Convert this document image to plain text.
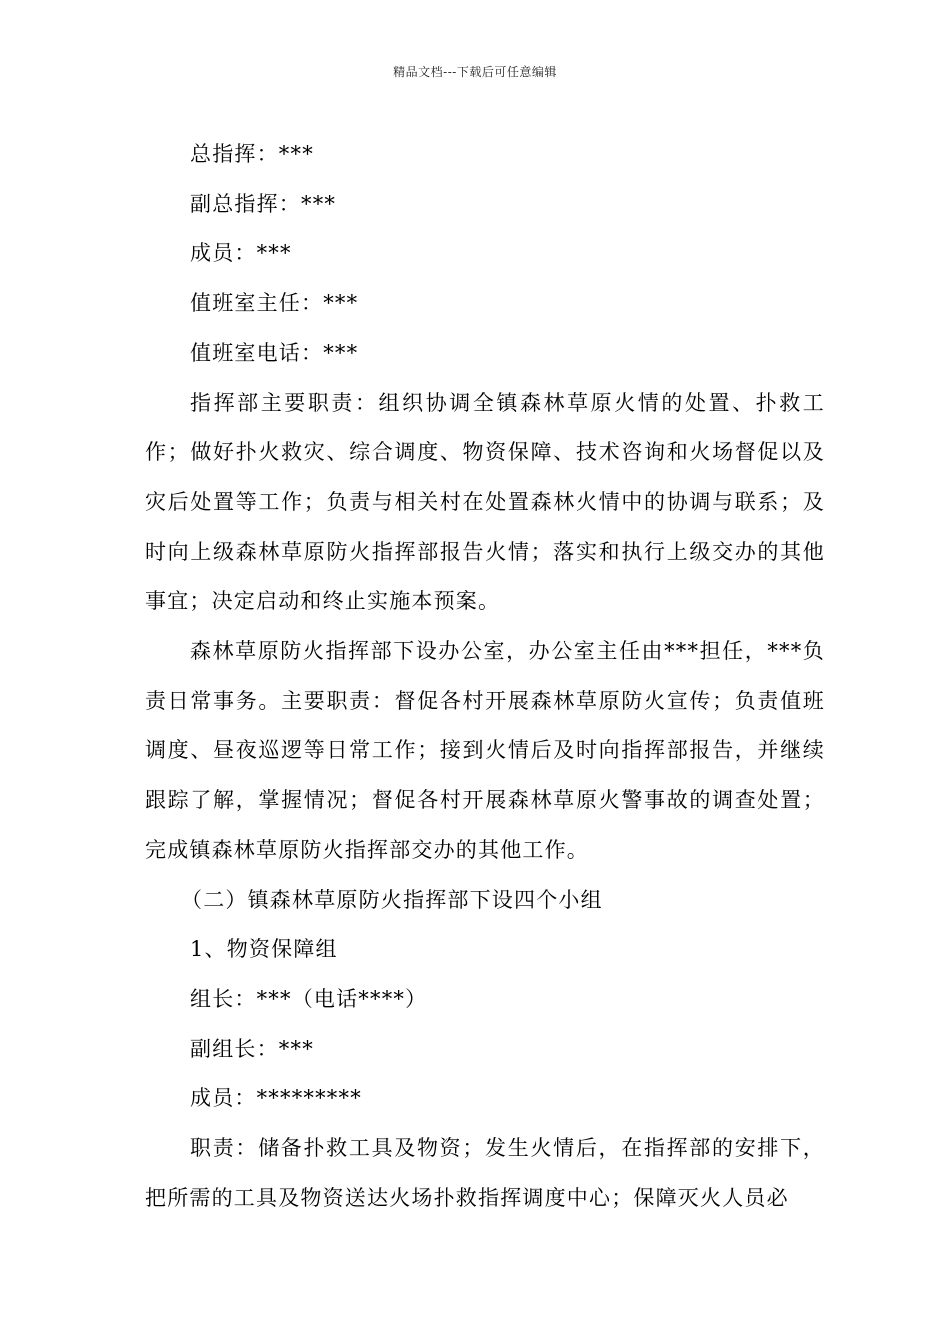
精品文档---下载后可任意编辑

总指挥：***

副总指挥：***

成员：***

值班室主任：***

值班室电话：***

指挥部主要职责：组织协调全镇森林草原火情的处置、扑救工作；做好扑火救灾、综合调度、物资保障、技术咨询和火场督促以及灾后处置等工作；负责与相关村在处置森林火情中的协调与联系；及时向上级森林草原防火指挥部报告火情；落实和执行上级交办的其他事宜；决定启动和终止实施本预案。

森林草原防火指挥部下设办公室，办公室主任由***担任，***负责日常事务。主要职责：督促各村开展森林草原防火宣传；负责值班调度、昼夜巡逻等日常工作；接到火情后及时向指挥部报告，并继续跟踪了解，掌握情况；督促各村开展森林草原火警事故的调查处置；完成镇森林草原防火指挥部交办的其他工作。

（二）镇森林草原防火指挥部下设四个小组

1、物资保障组

组长：***（电话****）

副组长：***

成员：*********

职责：储备扑救工具及物资；发生火情后，在指挥部的安排下，把所需的工具及物资送达火场扑救指挥调度中心；保障灭火人员必
